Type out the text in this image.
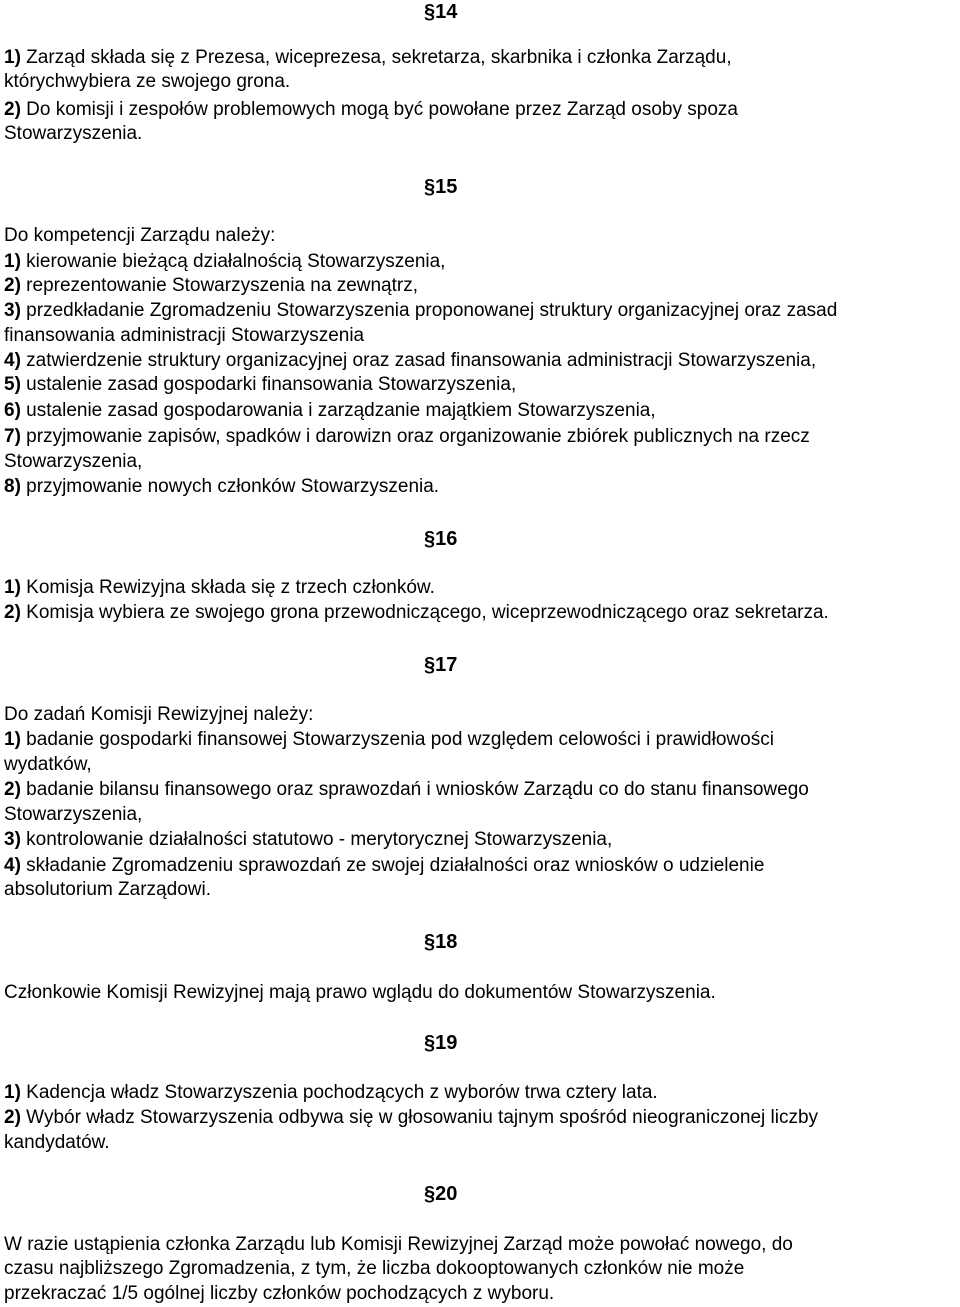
§14
1) Zarząd składa się z Prezesa, wiceprezesa, sekretarza, skarbnika i członka Zarządu,
którychwybiera ze swojego grona.
2) Do komisji i zespołów problemowych mogą być powołane przez Zarząd osoby spoza
Stowarzyszenia.
§15
Do kompetencji Zarządu należy:
1) kierowanie bieżącą działalnością Stowarzyszenia,
2) reprezentowanie Stowarzyszenia na zewnątrz,
3) przedkładanie Zgromadzeniu Stowarzyszenia proponowanej struktury organizacyjnej oraz zasad
finansowania administracji Stowarzyszenia
4) zatwierdzenie struktury organizacyjnej oraz zasad finansowania administracji Stowarzyszenia,
5) ustalenie zasad gospodarki finansowania Stowarzyszenia,
6) ustalenie zasad gospodarowania i zarządzanie majątkiem Stowarzyszenia,
7) przyjmowanie zapisów, spadków i darowizn oraz organizowanie zbiórek publicznych na rzecz
Stowarzyszenia,
8) przyjmowanie nowych członków Stowarzyszenia.
§16
1) Komisja Rewizyjna składa się z trzech członków.
2) Komisja wybiera ze swojego grona przewodniczącego, wiceprzewodniczącego oraz sekretarza.
§17
Do zadań Komisji Rewizyjnej należy:
1) badanie gospodarki finansowej Stowarzyszenia pod względem celowości i prawidłowości
wydatków,
2) badanie bilansu finansowego oraz sprawozdań i wniosków Zarządu co do stanu finansowego
Stowarzyszenia,
3) kontrolowanie działalności statutowo - merytorycznej Stowarzyszenia,
4) składanie Zgromadzeniu sprawozdań ze swojej działalności oraz wniosków o udzielenie
absolutorium Zarządowi.
§18
Członkowie Komisji Rewizyjnej mają prawo wglądu do dokumentów Stowarzyszenia.
§19
1) Kadencja władz Stowarzyszenia pochodzących z wyborów trwa cztery lata.
2) Wybór władz Stowarzyszenia odbywa się w głosowaniu tajnym spośród nieograniczonej liczby
kandydatów.
§20
W razie ustąpienia członka Zarządu lub Komisji Rewizyjnej Zarząd może powołać nowego, do
czasu najbliższego Zgromadzenia, z tym, że liczba dokooptowanych członków nie może
przekraczać 1/5 ogólnej liczby członków pochodzących z wyboru.
